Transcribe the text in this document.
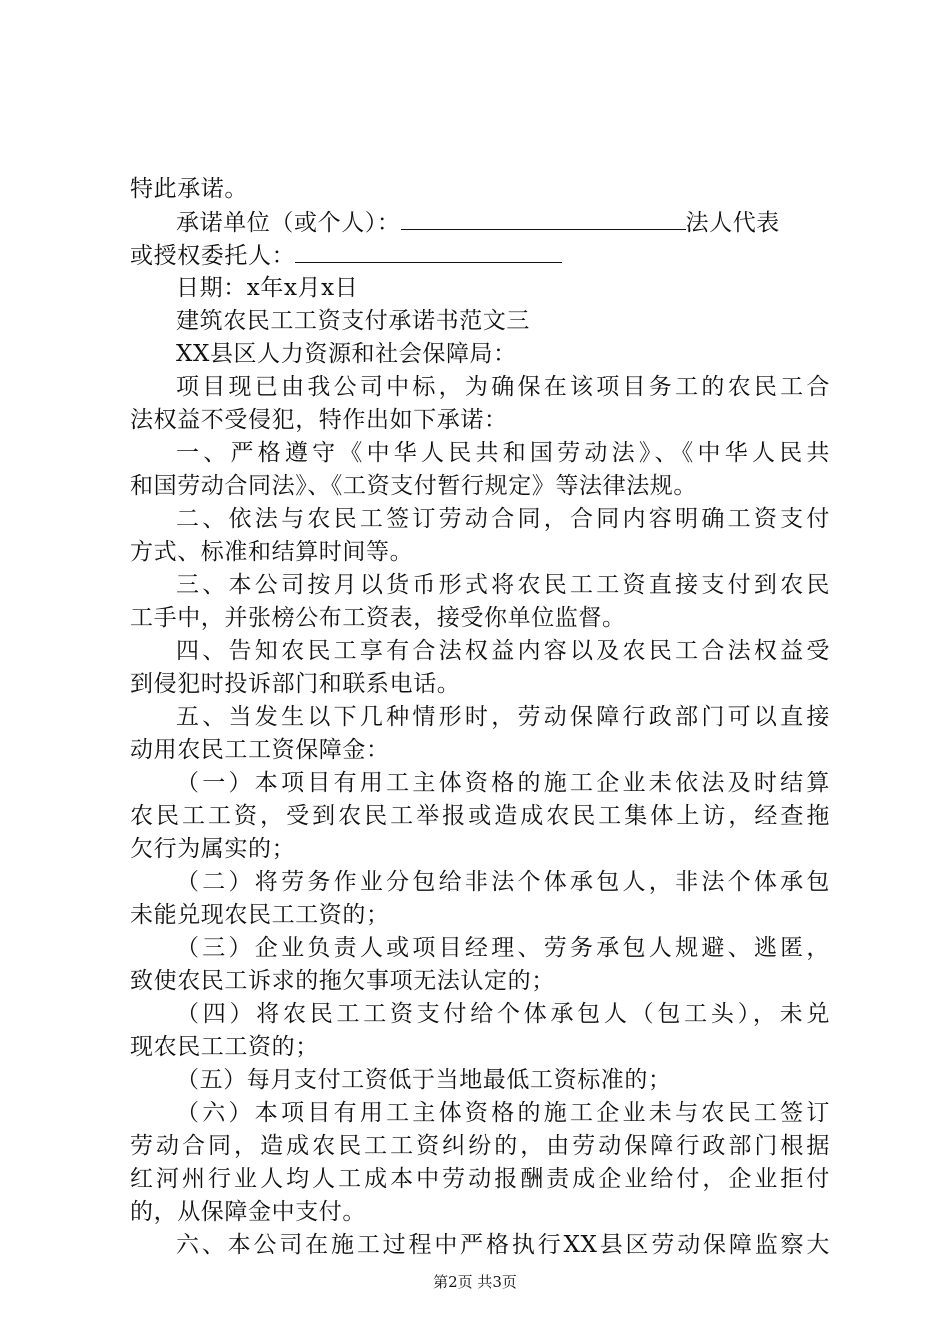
特此承诺。
承诺单位（或个人）：	法人代表
或授权委托人：
日期：x年x月x日
建筑农民工工资支付承诺书范文三
XX县区人力资源和社会保障局：
项目现已由我公司中标，为确保在该项目务工的农民工合
法权益不受侵犯，特作出如下承诺：
一、严格遵守《中华人民共和国劳动法》、《中华人民共
和国劳动合同法》、《工资支付暂行规定》等法律法规。
二、依法与农民工签订劳动合同，合同内容明确工资支付
方式、标准和结算时间等。
三、本公司按月以货币形式将农民工工资直接支付到农民
工手中，并张榜公布工资表，接受你单位监督。
四、告知农民工享有合法权益内容以及农民工合法权益受
到侵犯时投诉部门和联系电话。
五、当发生以下几种情形时，劳动保障行政部门可以直接
动用农民工工资保障金：
（一）本项目有用工主体资格的施工企业未依法及时结算
农民工工资，受到农民工举报或造成农民工集体上访，经查拖
欠行为属实的；
（二）将劳务作业分包给非法个体承包人，非法个体承包
未能兑现农民工工资的；
（三）企业负责人或项目经理、劳务承包人规避、逃匿，
致使农民工诉求的拖欠事项无法认定的；
（四）将农民工工资支付给个体承包人（包工头），未兑
现农民工工资的；
（五）每月支付工资低于当地最低工资标准的；
（六）本项目有用工主体资格的施工企业未与农民工签订
劳动合同，造成农民工工资纠纷的，由劳动保障行政部门根据
红河州行业人均人工成本中劳动报酬责成企业给付，企业拒付
的，从保障金中支付。
六、本公司在施工过程中严格执行XX县区劳动保障监察大
第2页 共3页
